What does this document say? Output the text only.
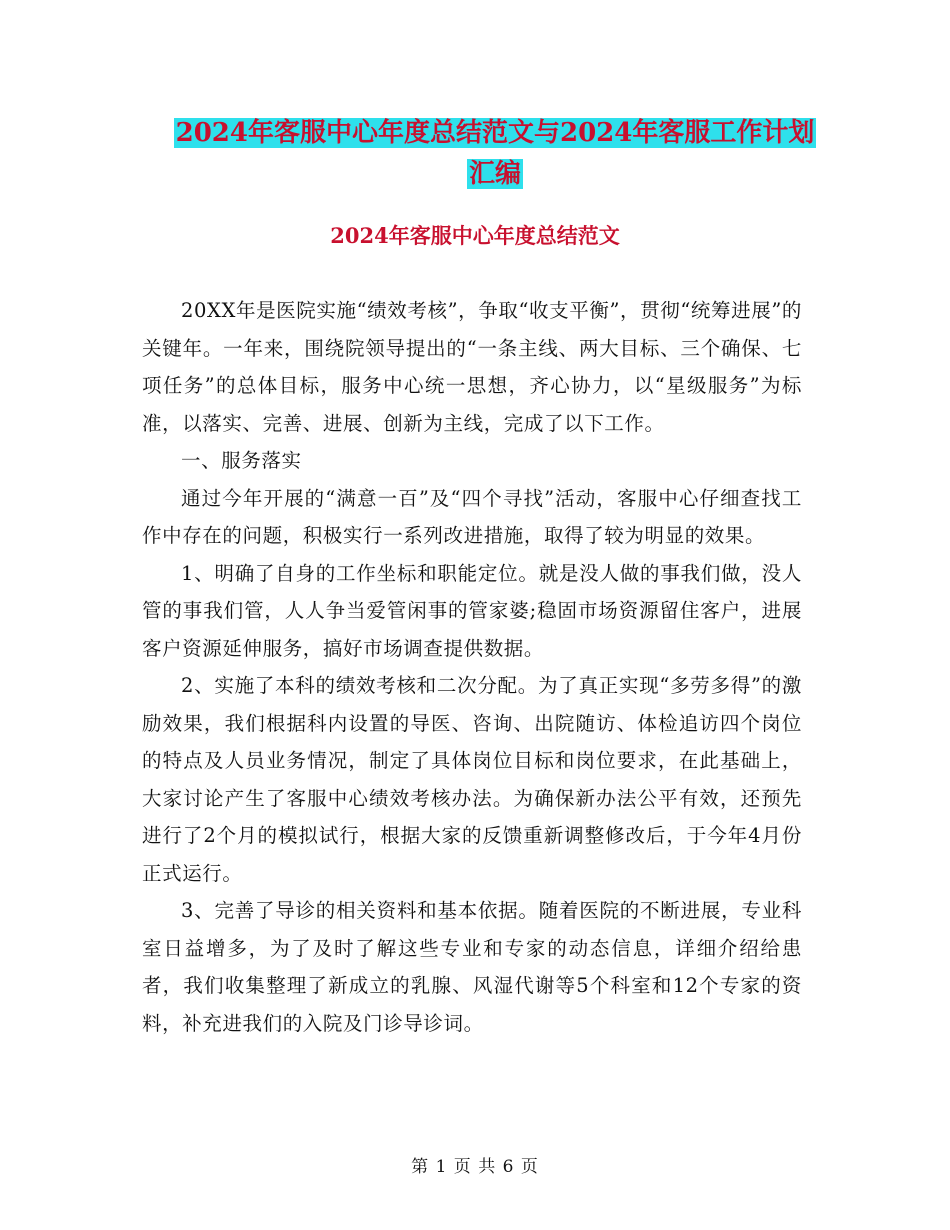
2024年客服中心年度总结范文与2024年客服工作计划
汇编
2024年客服中心年度总结范文

20XX年是医院实施“绩效考核”，争取“收支平衡”，贯彻“统筹进展”的关键年。一年来，围绕院领导提出的“一条主线、两大目标、三个确保、七项任务”的总体目标，服务中心统一思想，齐心协力，以“星级服务”为标准，以落实、完善、进展、创新为主线，完成了以下工作。

一、服务落实

通过今年开展的“满意一百”及“四个寻找”活动，客服中心仔细查找工作中存在的问题，积极实行一系列改进措施，取得了较为明显的效果。

1、明确了自身的工作坐标和职能定位。就是没人做的事我们做，没人管的事我们管，人人争当爱管闲事的管家婆;稳固市场资源留住客户，进展客户资源延伸服务，搞好市场调查提供数据。

2、实施了本科的绩效考核和二次分配。为了真正实现“多劳多得”的激励效果，我们根据科内设置的导医、咨询、出院随访、体检追访四个岗位的特点及人员业务情况，制定了具体岗位目标和岗位要求，在此基础上，大家讨论产生了客服中心绩效考核办法。为确保新办法公平有效，还预先进行了2个月的模拟试行，根据大家的反馈重新调整修改后，于今年4月份正式运行。

3、完善了导诊的相关资料和基本依据。随着医院的不断进展，专业科室日益增多，为了及时了解这些专业和专家的动态信息，详细介绍给患者，我们收集整理了新成立的乳腺、风湿代谢等5个科室和12个专家的资料，补充进我们的入院及门诊导诊词。

第 1 页 共 6 页
